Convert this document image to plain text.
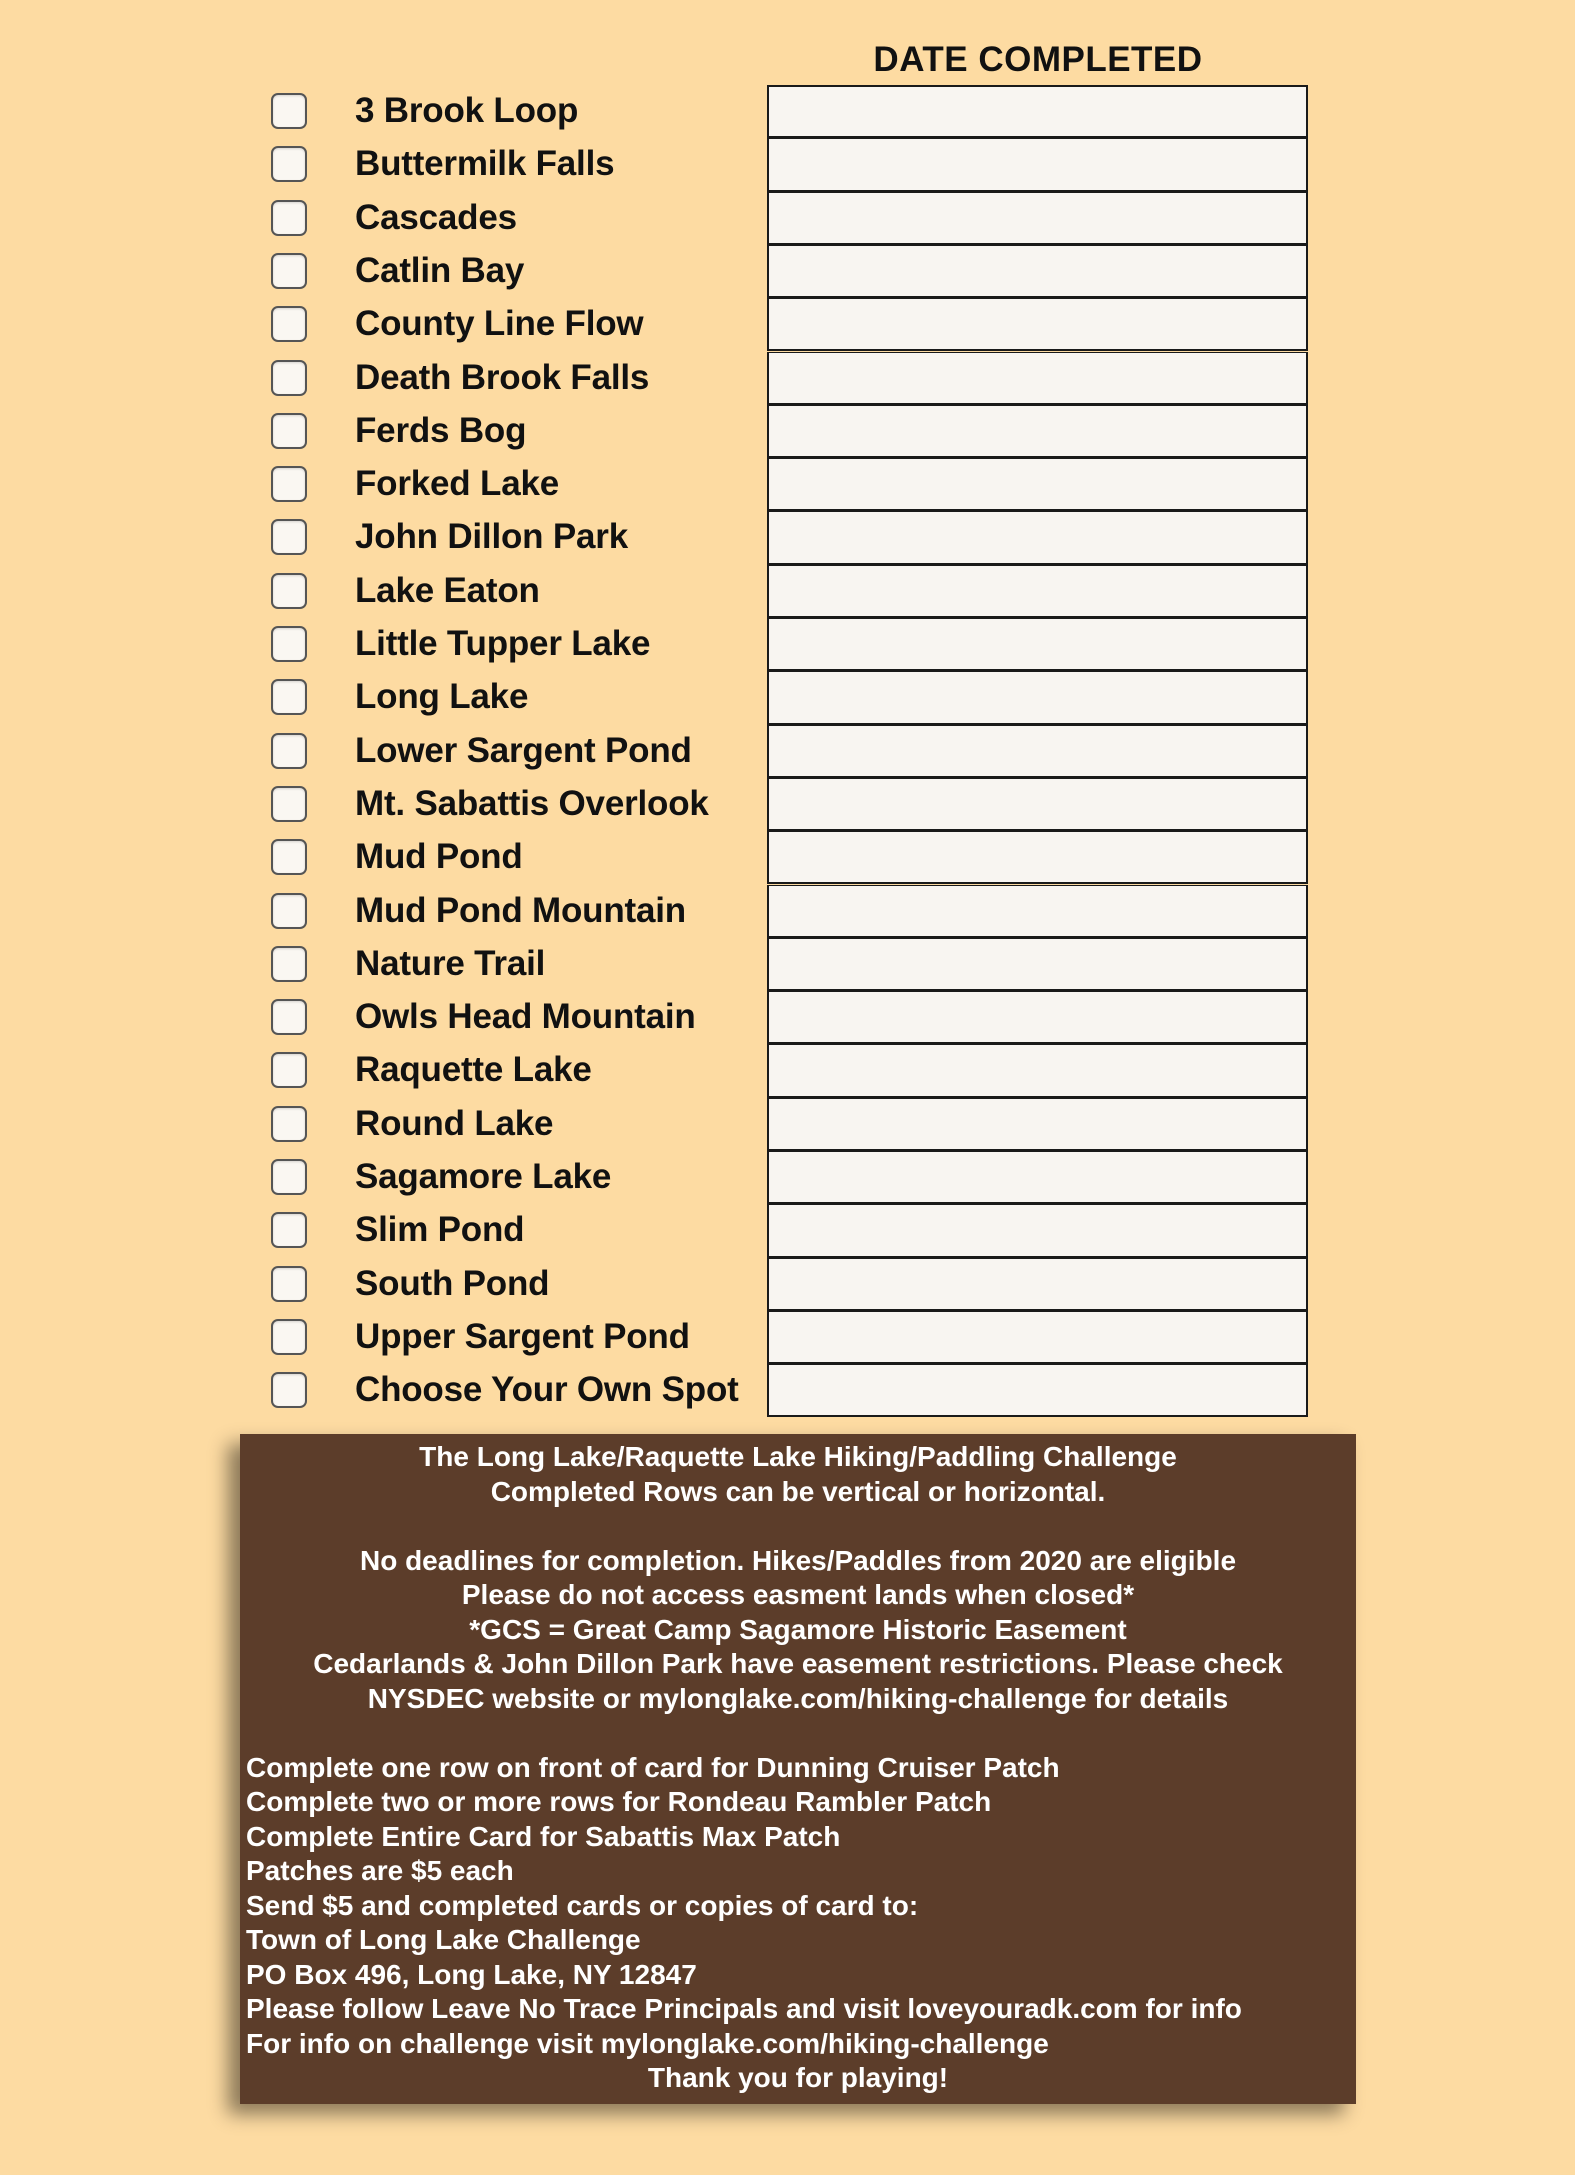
DATE COMPLETED
3 Brook Loop
Buttermilk Falls
Cascades
Catlin Bay
County Line Flow
Death Brook Falls
Ferds Bog
Forked Lake
John Dillon Park
Lake Eaton
Little Tupper Lake
Long Lake
Lower Sargent Pond
Mt. Sabattis Overlook
Mud Pond
Mud Pond Mountain
Nature Trail
Owls Head Mountain
Raquette Lake
Round Lake
Sagamore Lake
Slim Pond
South Pond
Upper Sargent Pond
Choose Your Own Spot
The Long Lake/Raquette Lake Hiking/Paddling Challenge
Completed Rows can be vertical or horizontal.
No deadlines for completion. Hikes/Paddles from 2020 are eligible
Please do not access easment lands when closed*
*GCS = Great Camp Sagamore Historic Easement
Cedarlands & John Dillon Park have easement restrictions. Please check
NYSDEC website or mylonglake.com/hiking-challenge for details
Complete one row on front of card for Dunning Cruiser Patch
Complete two or more rows for Rondeau Rambler Patch
Complete Entire Card for Sabattis Max Patch
Patches are $5 each
Send $5 and completed cards or copies of card to:
Town of Long Lake Challenge
PO Box 496, Long Lake, NY 12847
Please follow Leave No Trace Principals and visit loveyouradk.com for info
For info on challenge visit mylonglake.com/hiking-challenge
Thank you for playing!
